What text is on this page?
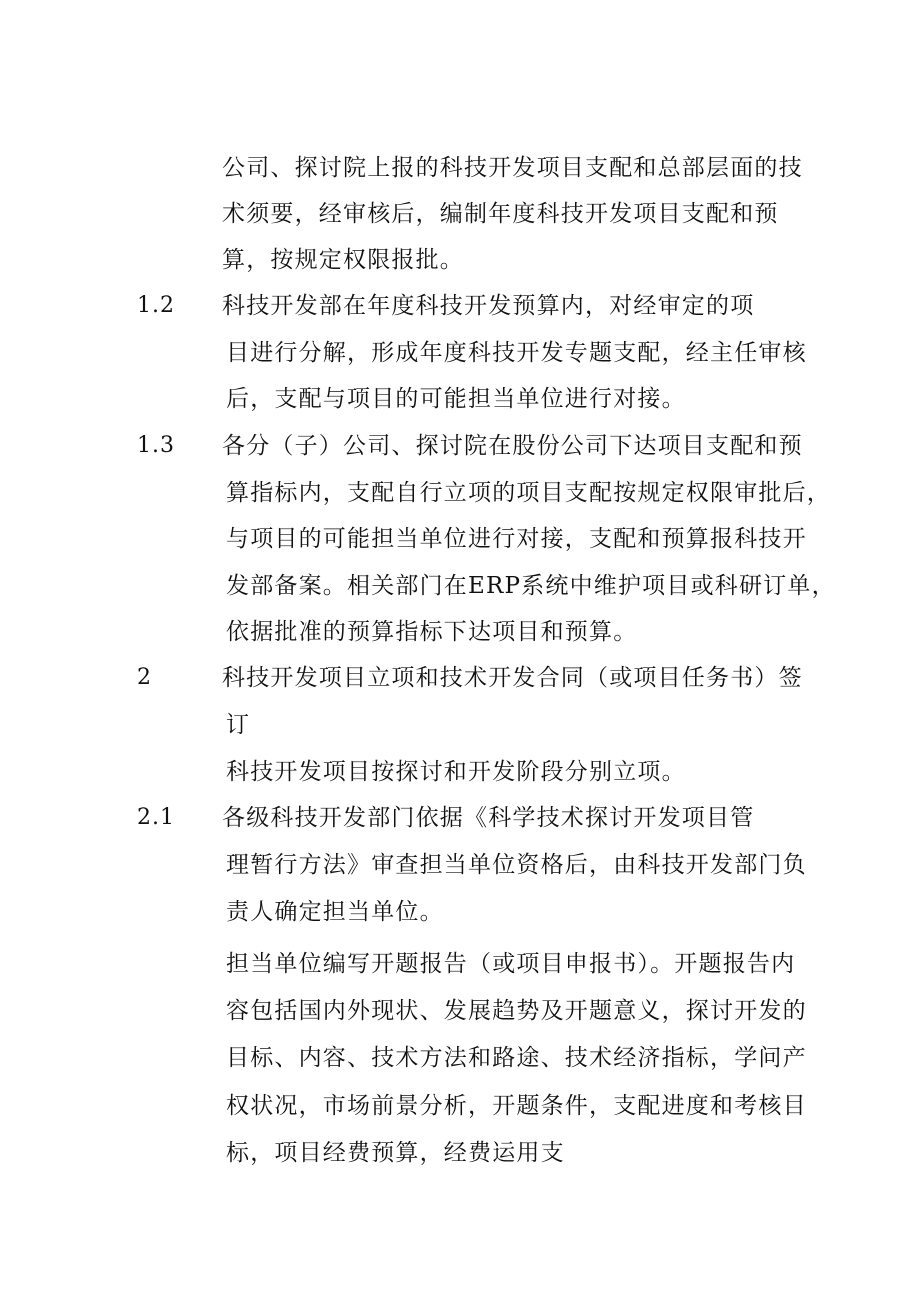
公司、探讨院上报的科技开发项目支配和总部层面的技
术须要，经审核后，编制年度科技开发项目支配和预
算，按规定权限报批。
1.2 科技开发部在年度科技开发预算内，对经审定的项
目进行分解，形成年度科技开发专题支配，经主任审核
后，支配与项目的可能担当单位进行对接。
1.3 各分（子）公司、探讨院在股份公司下达项目支配和预
算指标内，支配自行立项的项目支配按规定权限审批后，
与项目的可能担当单位进行对接，支配和预算报科技开
发部备案。相关部门在ERP系统中维护项目或科研订单，
依据批准的预算指标下达项目和预算。
2	科技开发项目立项和技术开发合同（或项目任务书）签
订
科技开发项目按探讨和开发阶段分别立项。
2.1 各级科技开发部门依据《科学技术探讨开发项目管
理暂行方法》审查担当单位资格后，由科技开发部门负
责人确定担当单位。
担当单位编写开题报告（或项目申报书）。开题报告内
容包括国内外现状、发展趋势及开题意义，探讨开发的
目标、内容、技术方法和路途、技术经济指标，学问产
权状况，市场前景分析，开题条件，支配进度和考核目
标，项目经费预算，经费运用支
